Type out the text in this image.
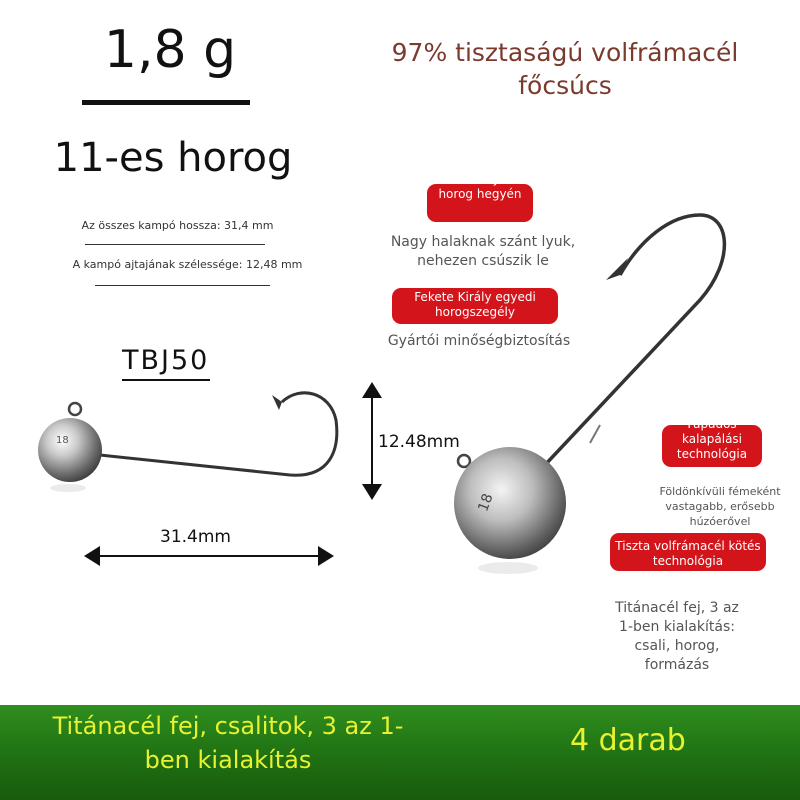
1,8 g
11-es horog
97% tisztaságú volfrámacél
főcsúcs
Az összes kampó hossza: 31,4 mm
A kampó ajtajának szélessége: 12,48 mm
TBJ50
18
18
12.48mm
31.4mm
Vérző vérnyilás a horog hegyén
Nagy halaknak szánt lyuk, nehezen csúszik le
Fekete Király egyedi horogszegély
Gyártói minőségbiztosítás
Fapados kalapálási technológia
Földönkívüli fémeként vastagabb, erősebb húzóerővel
Tiszta volfrámacél kötés technológia
Titánacél fej, 3 az 1-ben kialakítás: csali, horog, formázás
Titánacél fej, csalitok, 3 az 1-ben kialakítás
4 darab
